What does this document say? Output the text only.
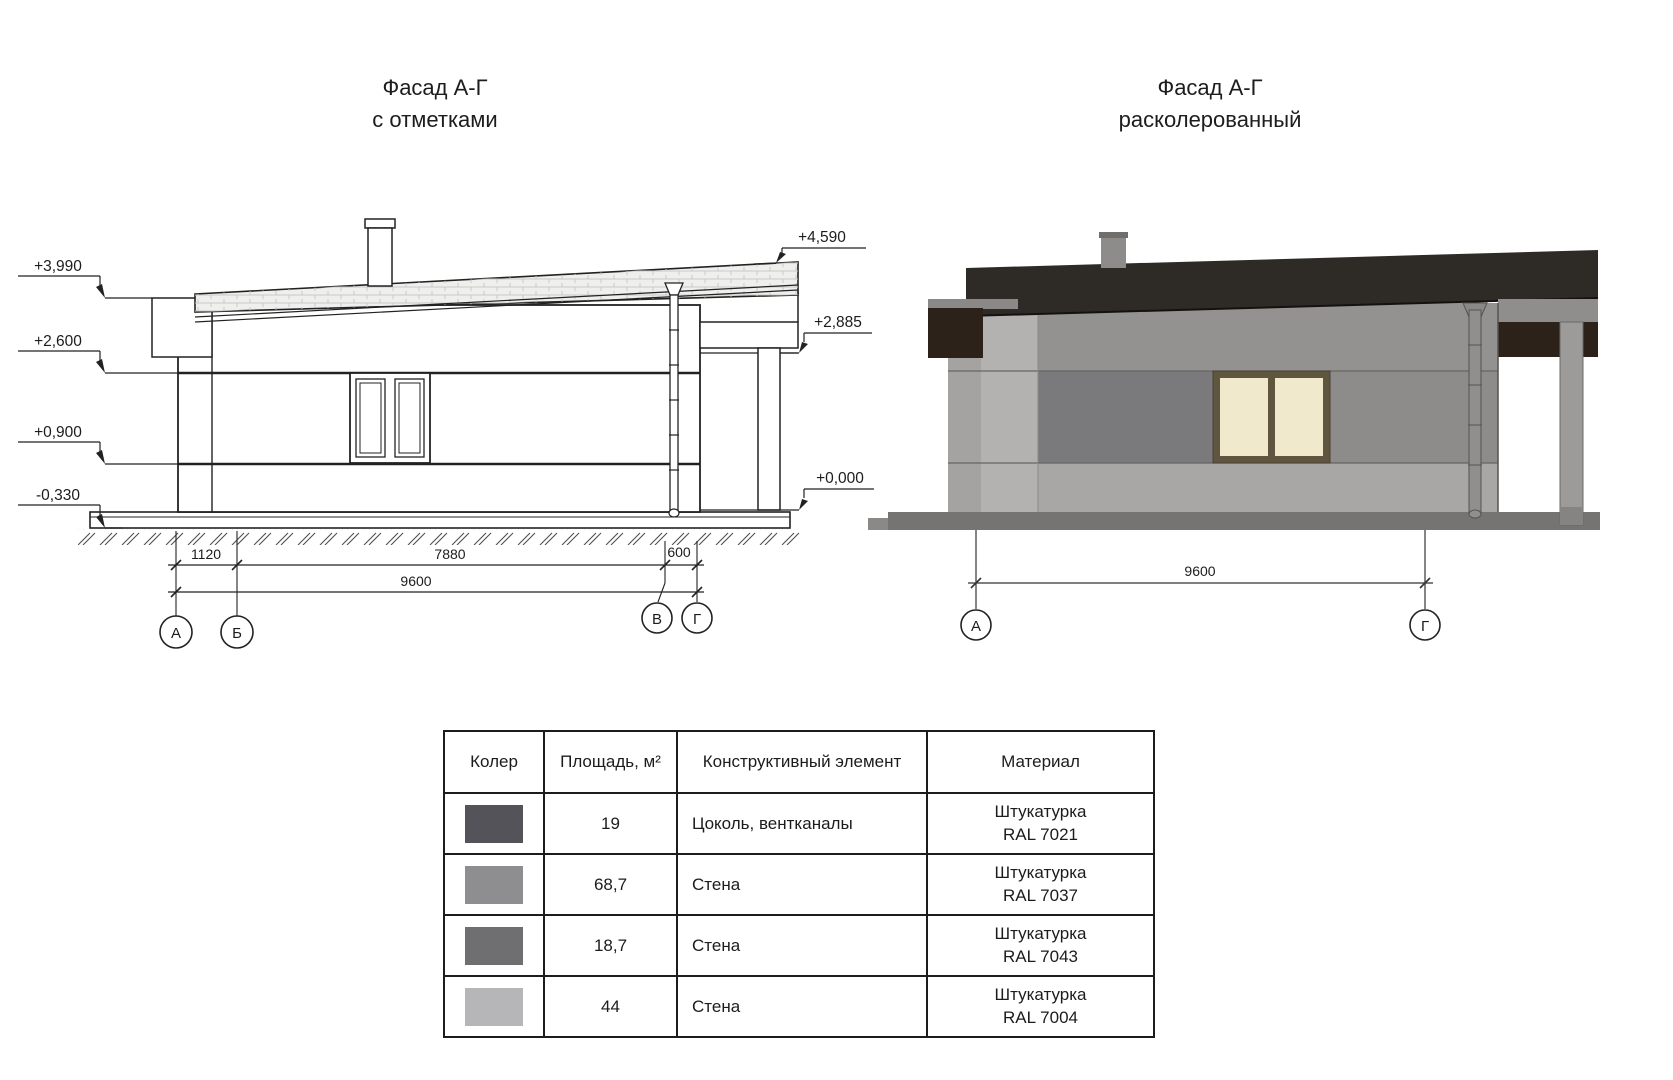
Фасад А-Г
с отметками
Фасад А-Г
расколерованный
+3,990
+2,600
+0,900
-0,330
+4,590
+2,885
+0,000
1120	7880	600
9600
А	Б
В Г
9600
А	Г
Колер	Площадь, м²	Конструктивный элемент	Материал

	19	Цоколь, вентканалы	Штукатурка
RAL 7021

	68,7	Стена	Штукатурка
RAL 7037

	18,7	Стена	Штукатурка
RAL 7043

	44	Стена	Штукатурка
RAL 7004
